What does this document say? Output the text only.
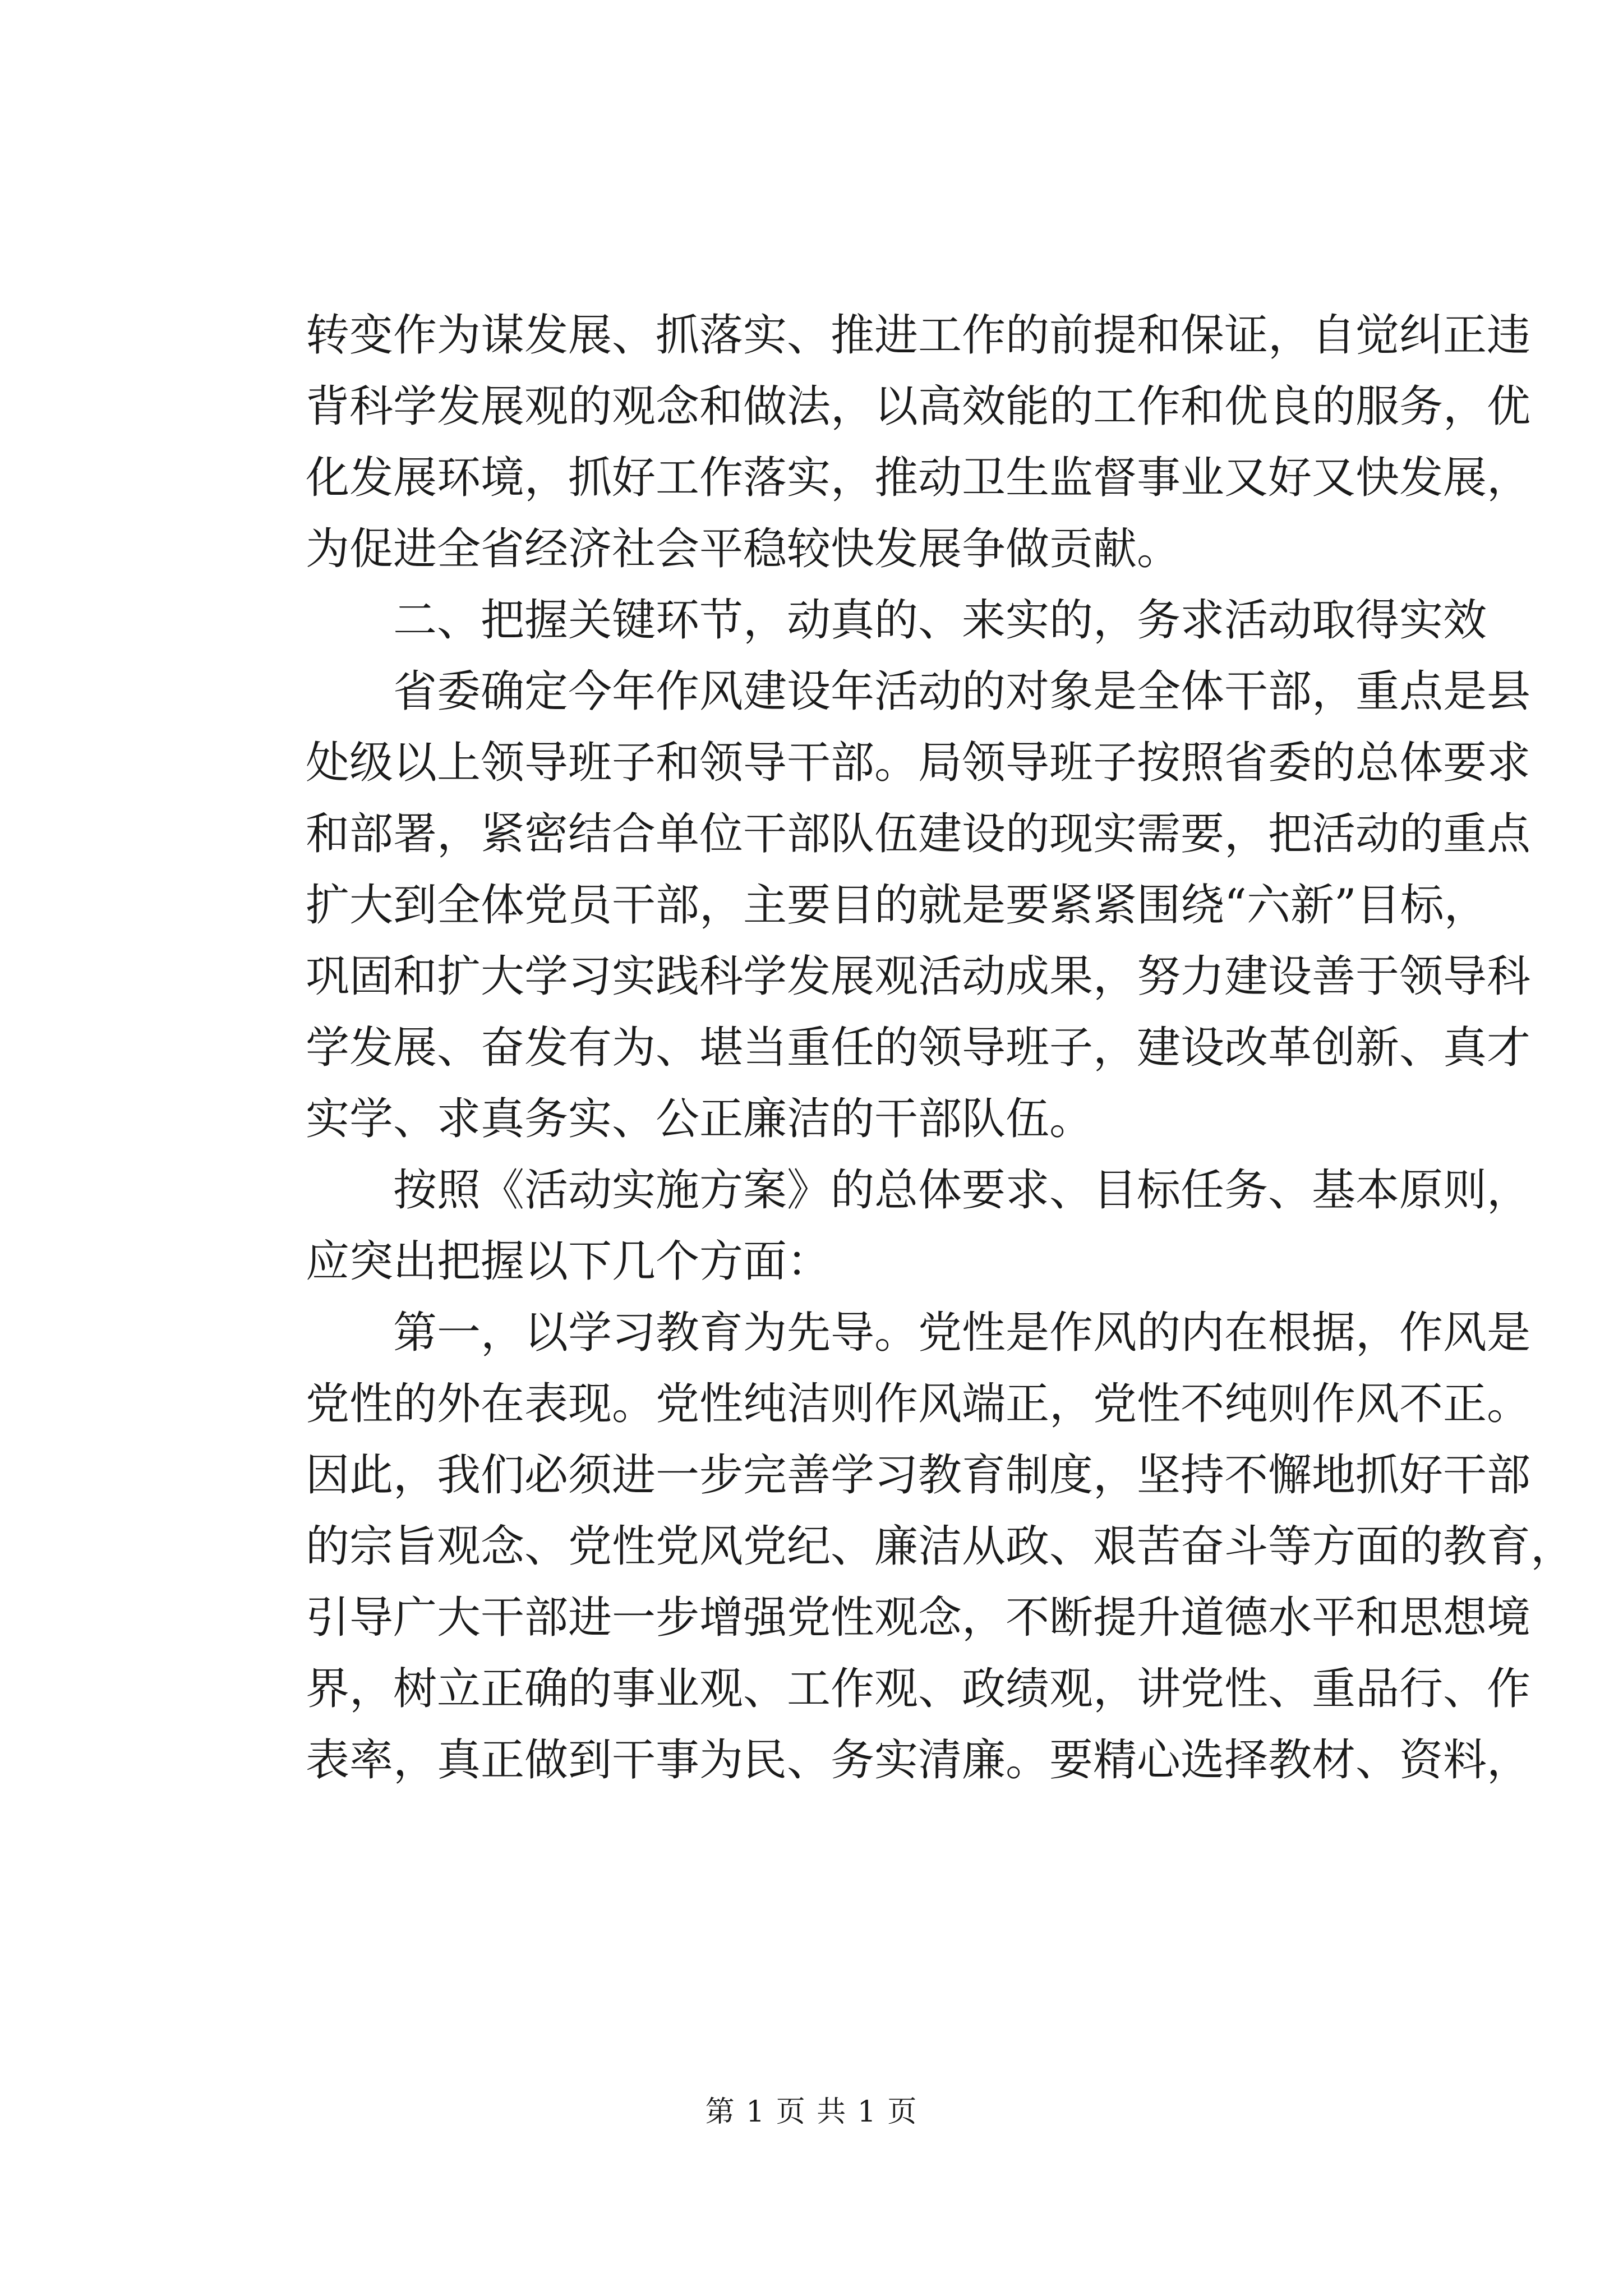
转变作为谋发展、抓落实、推进工作的前提和保证，自觉纠正违
背科学发展观的观念和做法，以高效能的工作和优良的服务，优
化发展环境，抓好工作落实，推动卫生监督事业又好又快发展，
为促进全省经济社会平稳较快发展争做贡献。
二、把握关键环节，动真的、来实的，务求活动取得实效
省委确定今年作风建设年活动的对象是全体干部，重点是县
处级以上领导班子和领导干部。局领导班子按照省委的总体要求
和部署，紧密结合单位干部队伍建设的现实需要，把活动的重点
扩大到全体党员干部，主要目的就是要紧紧围绕“六新”目标，
巩固和扩大学习实践科学发展观活动成果，努力建设善于领导科
学发展、奋发有为、堪当重任的领导班子，建设改革创新、真才
实学、求真务实、公正廉洁的干部队伍。
按照《活动实施方案》的总体要求、目标任务、基本原则，
应突出把握以下几个方面：
第一，以学习教育为先导。党性是作风的内在根据，作风是
党性的外在表现。党性纯洁则作风端正，党性不纯则作风不正。
因此，我们必须进一步完善学习教育制度，坚持不懈地抓好干部
的宗旨观念、党性党风党纪、廉洁从政、艰苦奋斗等方面的教育，
引导广大干部进一步增强党性观念，不断提升道德水平和思想境
界，树立正确的事业观、工作观、政绩观，讲党性、重品行、作
表率，真正做到干事为民、务实清廉。要精心选择教材、资料，
第 1 页 共 1 页
